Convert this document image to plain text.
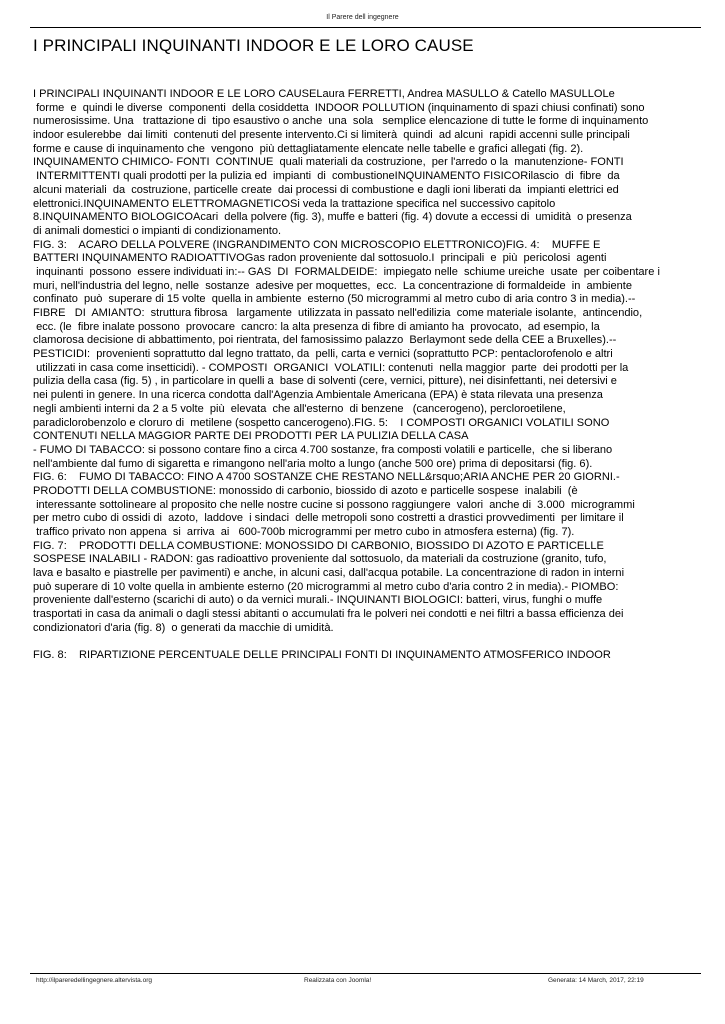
Il Parere dell ingegnere
I PRINCIPALI INQUINANTI INDOOR E LE LORO CAUSE
I PRINCIPALI INQUINANTI INDOOR E LE LORO CAUSELaura FERRETTI, Andrea MASULLO & Catello MASULLOLe
forme  e  quindi le diverse  componenti  della cosiddetta  INDOOR POLLUTION (inquinamento di spazi chiusi confinati) sono
numerosissime. Una   trattazione di  tipo esaustivo o anche  una  sola   semplice elencazione di tutte le forme di inquinamento
indoor esulerebbe  dai limiti  contenuti del presente intervento.Ci si limiterà  quindi  ad alcuni  rapidi accenni sulle principali
forme e cause di inquinamento che  vengono  più dettagliatamente elencate nelle tabelle e grafici allegati (fig. 2).
INQUINAMENTO CHIMICO- FONTI  CONTINUE  quali materiali da costruzione,  per l'arredo o la  manutenzione- FONTI
INTERMITTENTI quali prodotti per la pulizia ed  impianti  di  combustioneINQUINAMENTO FISICORilascio  di  fibre  da
alcuni materiali  da  costruzione, particelle create  dai processi di combustione e dagli ioni liberati da  impianti elettrici ed
elettronici.INQUINAMENTO ELETTROMAGNETICOSi veda la trattazione specifica nel successivo capitolo
8.INQUINAMENTO BIOLOGICOAcari  della polvere (fig. 3), muffe e batteri (fig. 4) dovute a eccessi di  umidità  o presenza
di animali domestici o impianti di condizionamento.
FIG. 3:    ACARO DELLA POLVERE (INGRANDIMENTO CON MICROSCOPIO ELETTRONICO)FIG. 4:    MUFFE E
BATTERI INQUINAMENTO RADIOATTIVOGas radon proveniente dal sottosuolo.I  principali  e  più  pericolosi  agenti
inquinanti  possono  essere individuati in:-- GAS  DI  FORMALDEIDE:  impiegato nelle  schiume ureiche  usate  per coibentare i
muri, nell'industria del legno, nelle  sostanze  adesive per moquettes,  ecc.  La concentrazione di formaldeide  in  ambiente
confinato  può  superare di 15 volte  quella in ambiente  esterno (50 microgrammi al metro cubo di aria contro 3 in media).--
FIBRE   DI  AMIANTO:  struttura fibrosa   largamente  utilizzata in passato nell'edilizia  come materiale isolante,  antincendio,
ecc. (le  fibre inalate possono  provocare  cancro: la alta presenza di fibre di amianto ha  provocato,  ad esempio, la
clamorosa decisione di abbattimento, poi rientrata, del famosissimo palazzo  Berlaymont sede della CEE a Bruxelles).--
PESTICIDI:  provenienti soprattutto dal legno trattato, da  pelli, carta e vernici (soprattutto PCP: pentaclorofenolo e altri
utilizzati in casa come insetticidi). - COMPOSTI  ORGANICI  VOLATILI: contenuti  nella maggior  parte  dei prodotti per la
pulizia della casa (fig. 5) , in particolare in quelli a  base di solventi (cere, vernici, pitture), nei disinfettanti, nei detersivi e
nei pulenti in genere. In una ricerca condotta dall'Agenzia Ambientale Americana (EPA) è stata rilevata una presenza
negli ambienti interni da 2 a 5 volte  più  elevata  che all'esterno  di benzene   (cancerogeno), percloroetilene,
paradiclorobenzolo e cloruro di  metilene (sospetto cancerogeno).FIG. 5:    I COMPOSTI ORGANICI VOLATILI SONO
CONTENUTI NELLA MAGGIOR PARTE DEI PRODOTTI PER LA PULIZIA DELLA CASA
- FUMO DI TABACCO: si possono contare fino a circa 4.700 sostanze, fra composti volatili e particelle,  che si liberano
nell'ambiente dal fumo di sigaretta e rimangono nell'aria molto a lungo (anche 500 ore) prima di depositarsi (fig. 6).
FIG. 6:    FUMO DI TABACCO: FINO A 4700 SOSTANZE CHE RESTANO NELL&rsquo;ARIA ANCHE PER 20 GIORNI.-
PRODOTTI DELLA COMBUSTIONE: monossido di carbonio, biossido di azoto e particelle sospese  inalabili  (è
interessante sottolineare al proposito che nelle nostre cucine si possono raggiungere  valori  anche di  3.000  microgrammi
per metro cubo di ossidi di  azoto,  laddove  i sindaci  delle metropoli sono costretti a drastici provvedimenti  per limitare il
traffico privato non appena  si  arriva  ai   600-700b microgrammi per metro cubo in atmosfera esterna) (fig. 7).
FIG. 7:    PRODOTTI DELLA COMBUSTIONE: MONOSSIDO DI CARBONIO, BIOSSIDO DI AZOTO E PARTICELLE
SOSPESE INALABILI - RADON: gas radioattivo proveniente dal sottosuolo, da materiali da costruzione (granito, tufo,
lava e basalto e piastrelle per pavimenti) e anche, in alcuni casi, dall'acqua potabile. La concentrazione di radon in interni
può superare di 10 volte quella in ambiente esterno (20 microgrammi al metro cubo d'aria contro 2 in media).- PIOMBO:
proveniente dall'esterno (scarichi di auto) o da vernici murali.- INQUINANTI BIOLOGICI: batteri, virus, funghi o muffe
trasportati in casa da animali o dagli stessi abitanti o accumulati fra le polveri nei condotti e nei filtri a bassa efficienza dei
condizionatori d'aria (fig. 8)  o generati da macchie di umidità.
FIG. 8:    RIPARTIZIONE PERCENTUALE DELLE PRINCIPALI FONTI DI INQUINAMENTO ATMOSFERICO INDOOR
http://ilpareredellingegnere.altervista.org	Realizzata con Joomla!	Generata: 14 March, 2017, 22:19
